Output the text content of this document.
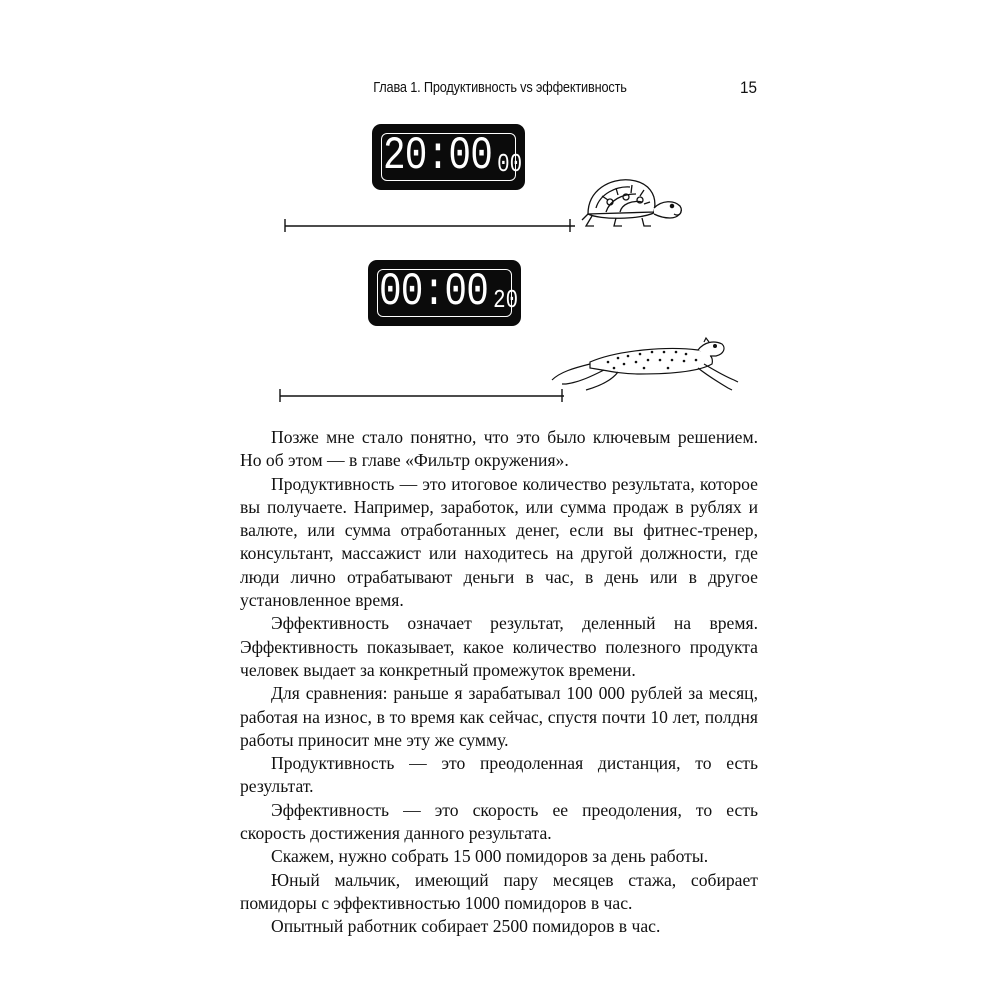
Глава 1. Продуктивность vs эффективность	15
20:00 00
00:00 20

Позже мне стало понятно, что это было ключевым решением. Но об этом — в главе «Фильтр окружения».

Продуктивность — это итоговое количество результата, которое вы получаете. Например, заработок, или сумма продаж в рублях и валюте, или сумма отработанных денег, если вы фитнес-тренер, консультант, массажист или находитесь на другой должности, где люди лично отрабатывают деньги в час, в день или в другое установленное время.

Эффективность означает результат, деленный на время. Эффективность показывает, какое количество полезного продукта человек выдает за конкретный промежуток времени.

Для сравнения: раньше я зарабатывал 100 000 рублей за месяц, работая на износ, в то время как сейчас, спустя почти 10 лет, полдня работы приносит мне эту же сумму.

Продуктивность — это преодоленная дистанция, то есть результат.

Эффективность — это скорость ее преодоления, то есть скорость достижения данного результата.

Скажем, нужно собрать 15 000 помидоров за день работы.

Юный мальчик, имеющий пару месяцев стажа, собирает помидоры с эффективностью 1000 помидоров в час.

Опытный работник собирает 2500 помидоров в час.
